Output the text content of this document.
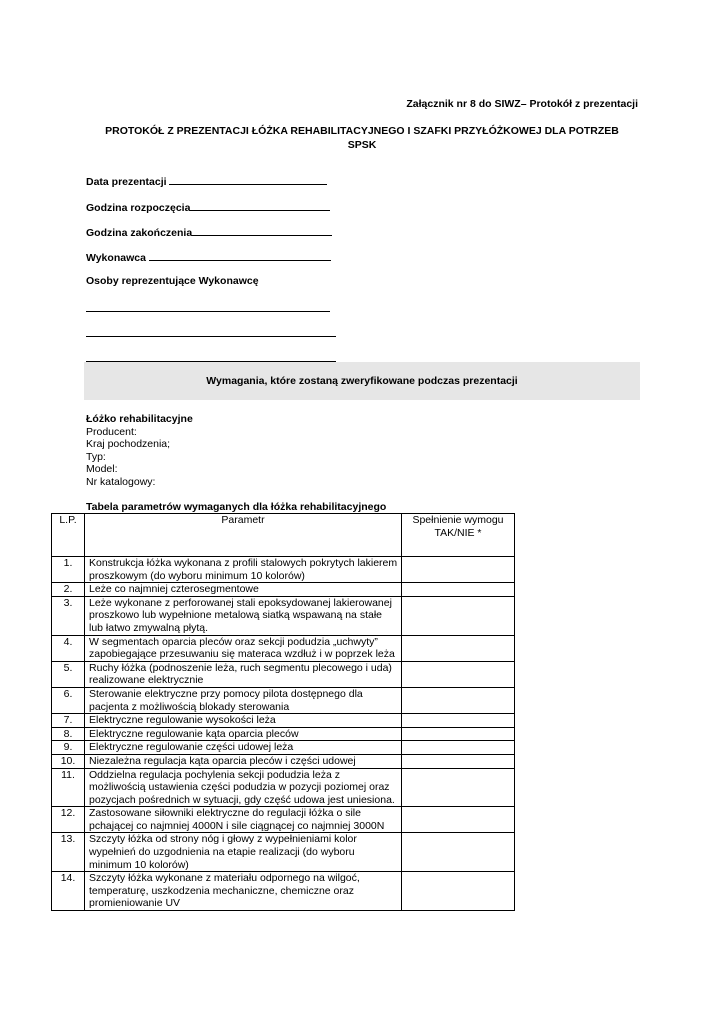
Załącznik nr 8 do SIWZ– Protokół z prezentacji
PROTOKÓŁ Z PREZENTACJI ŁÓŻKA REHABILITACYJNEGO I SZAFKI PRZYŁÓŻKOWEJ DLA POTRZEB
SPSK
Data prezentacji
Godzina rozpoczęcia
Godzina zakończenia
Wykonawca
Osoby reprezentujące Wykonawcę
Wymagania, które zostaną zweryfikowane podczas prezentacji
Łóżko rehabilitacyjne
Producent:
Kraj pochodzenia;
Typ:
Model:
Nr katalogowy:
Tabela parametrów wymaganych dla łóżka rehabilitacyjnego
L.P.	Parametr	Spełnienie wymogu TAK/NIE *
1.	Konstrukcja łóżka wykonana z profili stalowych pokrytych lakierem proszkowym (do wyboru minimum 10 kolorów)	
2.	Leże co najmniej czterosegmentowe	
3.	Leże wykonane z perforowanej stali epoksydowanej lakierowanej proszkowo lub wypełnione metalową siatką wspawaną na stałe lub łatwo zmywalną płytą.	
4.	W segmentach oparcia pleców oraz sekcji podudzia „uchwyty” zapobiegające przesuwaniu się materaca wzdłuż i w poprzek leża	
5.	Ruchy łóżka (podnoszenie leża, ruch segmentu plecowego i uda) realizowane elektrycznie	
6.	Sterowanie elektryczne przy pomocy pilota dostępnego dla pacjenta z możliwością blokady sterowania	
7.	Elektryczne regulowanie wysokości leża	
8.	Elektryczne regulowanie kąta oparcia pleców	
9.	Elektryczne regulowanie części udowej leża	
10.	Niezależna regulacja kąta oparcia pleców i części udowej	
11.	Oddzielna regulacja pochylenia sekcji podudzia leża z możliwością ustawienia części podudzia w pozycji poziomej oraz pozycjach pośrednich w sytuacji, gdy część udowa jest uniesiona.	
12.	Zastosowane siłowniki elektryczne do regulacji łóżka o sile pchającej co najmniej 4000N i sile ciągnącej co najmniej 3000N	
13.	Szczyty łóżka od strony nóg i głowy z wypełnieniami kolor wypełnień do uzgodnienia na etapie realizacji (do wyboru minimum 10 kolorów)	
14.	Szczyty łóżka wykonane z materiału odpornego na wilgoć, temperaturę, uszkodzenia mechaniczne, chemiczne oraz promieniowanie UV	
